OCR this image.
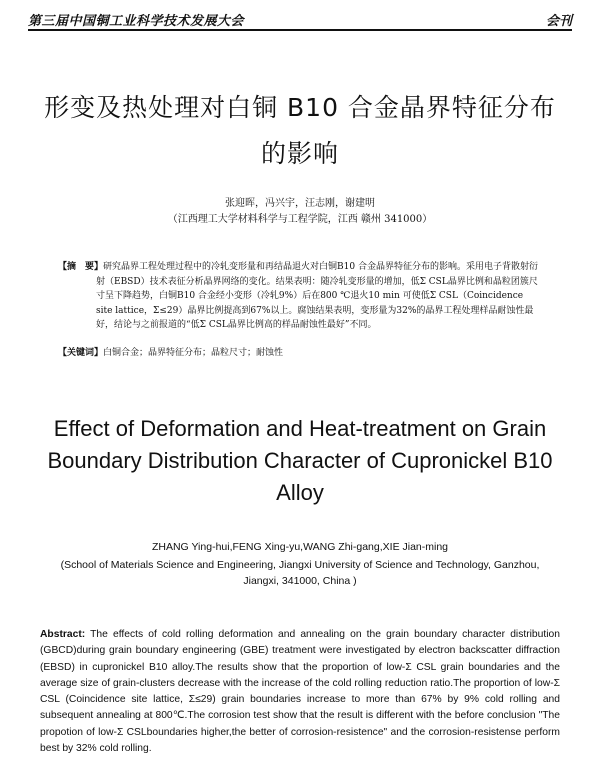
第三届中国铜工业科学技术发展大会	会刊
形变及热处理对白铜 B10 合金晶界特征分布
的影响
张迎晖，冯兴宇，汪志刚，谢建明
（江西理工大学材料科学与工程学院，江西 赣州 341000）

【摘　要】研究晶界工程处理过程中的冷轧变形量和再结晶退火对白铜B10 合金晶界特征分布的影响。采用电子背散射衍射（EBSD）技术表征分析晶界网络的变化。结果表明：随冷轧变形量的增加，低Σ CSL晶界比例和晶粒团簇尺寸呈下降趋势，白铜B10 合金经小变形（冷轧9%）后在800 ℃退火10 min 可使低Σ CSL（Coincidence site lattice，Σ≤29）晶界比例提高到67%以上。腐蚀结果表明，变形量为32%的晶界工程处理样品耐蚀性最好，结论与之前报道的“低Σ CSL晶界比例高的样品耐蚀性最好”不同。

【关键词】白铜合金；晶界特征分布；晶粒尺寸；耐蚀性
Effect of Deformation and Heat-treatment on Grain Boundary Distribution Character of Cupronickel B10 Alloy
ZHANG Ying-hui,FENG Xing-yu,WANG Zhi-gang,XIE Jian-ming
(School of Materials Science and Engineering, Jiangxi University of Science and Technology, Ganzhou, Jiangxi, 341000, China )
Abstract: The effects of cold rolling deformation and annealing on the grain boundary character distribution (GBCD)during grain boundary engineering (GBE) treatment were investigated by electron backscatter diffraction (EBSD) in cupronickel B10 alloy.The results show that the proportion of low-Σ CSL grain boundaries and the average size of grain-clusters decrease with the increase of the cold rolling reduction ratio.The proportion of low-Σ CSL (Coincidence site lattice, Σ≤29) grain boundaries increase to more than 67% by 9% cold rolling and subsequent annealing at 800℃.The corrosion test show that the result is different with the before conclusion "The propotion of low-Σ CSLboundaries higher,the better of corrosion-resistence" and the corrosion-resistense perform best by 32% cold rolling.
